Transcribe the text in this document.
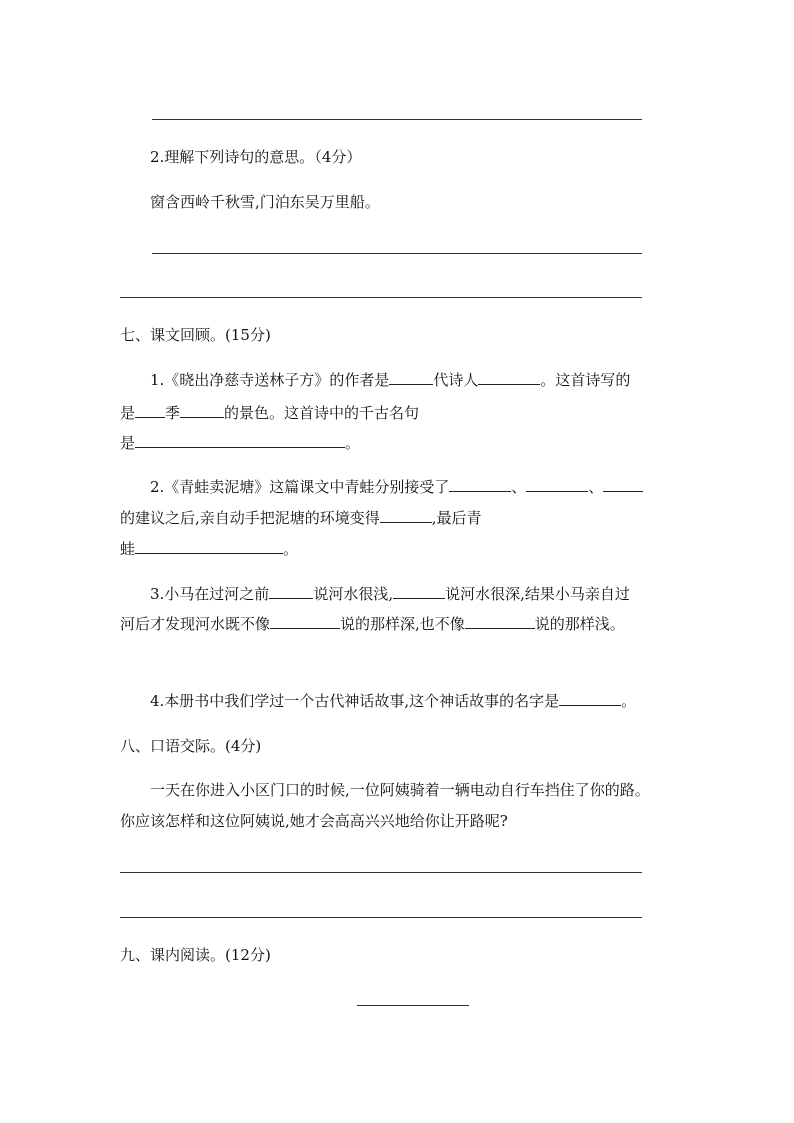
2.理解下列诗句的意思。（4分）
窗含西岭千秋雪,门泊东吴万里船。
七、课文回顾。(15分)
1.《晓出净慈寺送林子方》的作者是	代诗人	。这首诗写的
是 季	的景色。这首诗中的千古名句
是	。
2.《青蛙卖泥塘》这篇课文中青蛙分别接受了	、	、
的建议之后,亲自动手把泥塘的环境变得	,最后青
蛙	。
3.小马在过河之前	说河水很浅,	说河水很深,结果小马亲自过
河后才发现河水既不像	说的那样深,也不像	说的那样浅。
4.本册书中我们学过一个古代神话故事,这个神话故事的名字是	。
八、口语交际。(4分)
一天在你进入小区门口的时候,一位阿姨骑着一辆电动自行车挡住了你的路。
你应该怎样和这位阿姨说,她才会高高兴兴地给你让开路呢?
九、课内阅读。(12分)
